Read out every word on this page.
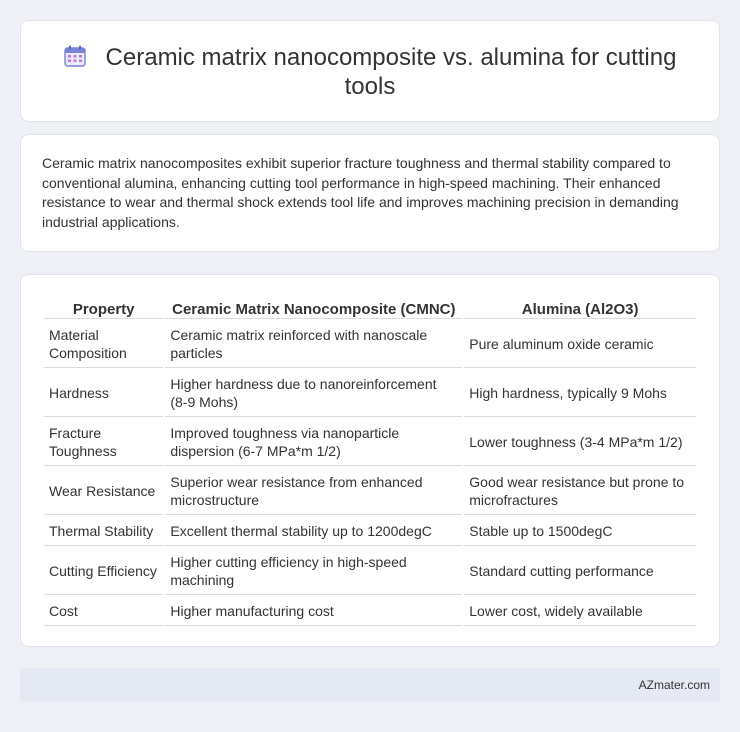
Ceramic matrix nanocomposite vs. alumina for cutting tools

Ceramic matrix nanocomposites exhibit superior fracture toughness and thermal stability compared to conventional alumina, enhancing cutting tool performance in high-speed machining. Their enhanced resistance to wear and thermal shock extends tool life and improves machining precision in demanding industrial applications.

Property	Ceramic Matrix Nanocomposite (CMNC)	Alumina (Al2O3)
Material Composition	Ceramic matrix reinforced with nanoscale particles	Pure aluminum oxide ceramic
Hardness	Higher hardness due to nanoreinforcement (8-9 Mohs)	High hardness, typically 9 Mohs
Fracture Toughness	Improved toughness via nanoparticle dispersion (6-7 MPa*m 1/2)	Lower toughness (3-4 MPa*m 1/2)
Wear Resistance	Superior wear resistance from enhanced microstructure	Good wear resistance but prone to microfractures
Thermal Stability	Excellent thermal stability up to 1200degC	Stable up to 1500degC
Cutting Efficiency	Higher cutting efficiency in high-speed machining	Standard cutting performance
Cost	Higher manufacturing cost	Lower cost, widely available
AZmater.com
